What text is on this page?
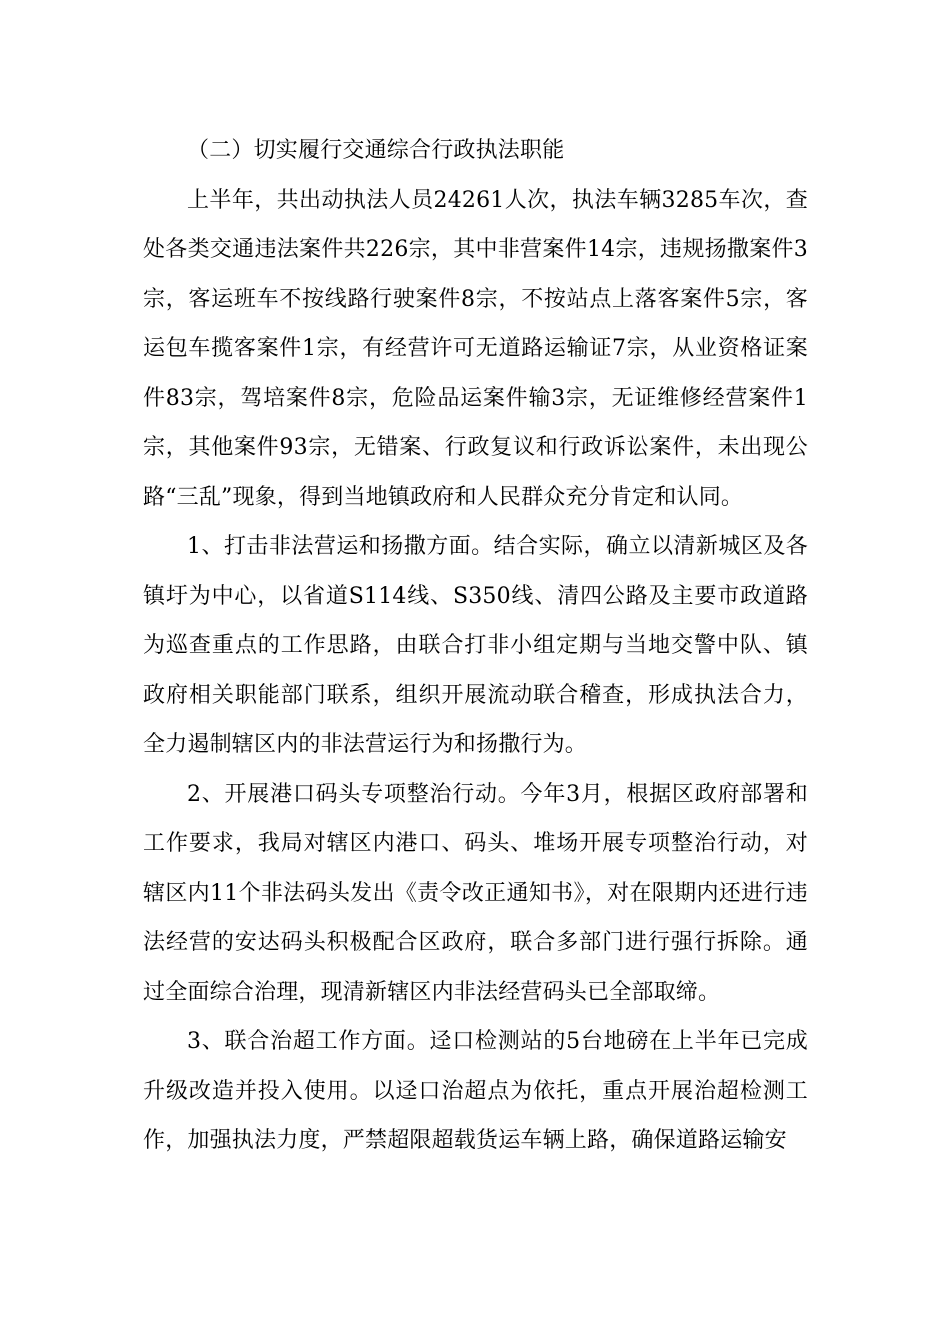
（二）切实履行交通综合行政执法职能

上半年，共出动执法人员24261人次，执法车辆3285车次，查处各类交通违法案件共226宗，其中非营案件14宗，违规扬撒案件3宗，客运班车不按线路行驶案件8宗，不按站点上落客案件5宗，客运包车揽客案件1宗，有经营许可无道路运输证7宗，从业资格证案件83宗，驾培案件8宗，危险品运案件输3宗，无证维修经营案件1宗，其他案件93宗，无错案、行政复议和行政诉讼案件，未出现公路“三乱”现象，得到当地镇政府和人民群众充分肯定和认同。

1、打击非法营运和扬撒方面。结合实际，确立以清新城区及各镇圩为中心，以省道S114线、S350线、清四公路及主要市政道路为巡查重点的工作思路，由联合打非小组定期与当地交警中队、镇政府相关职能部门联系，组织开展流动联合稽查，形成执法合力，全力遏制辖区内的非法营运行为和扬撒行为。

2、开展港口码头专项整治行动。今年3月，根据区政府部署和工作要求，我局对辖区内港口、码头、堆场开展专项整治行动，对辖区内11个非法码头发出《责令改正通知书》，对在限期内还进行违法经营的安达码头积极配合区政府，联合多部门进行强行拆除。通过全面综合治理，现清新辖区内非法经营码头已全部取缔。

3、联合治超工作方面。迳口检测站的5台地磅在上半年已完成升级改造并投入使用。以迳口治超点为依托，重点开展治超检测工作，加强执法力度，严禁超限超载货运车辆上路，确保道路运输安
